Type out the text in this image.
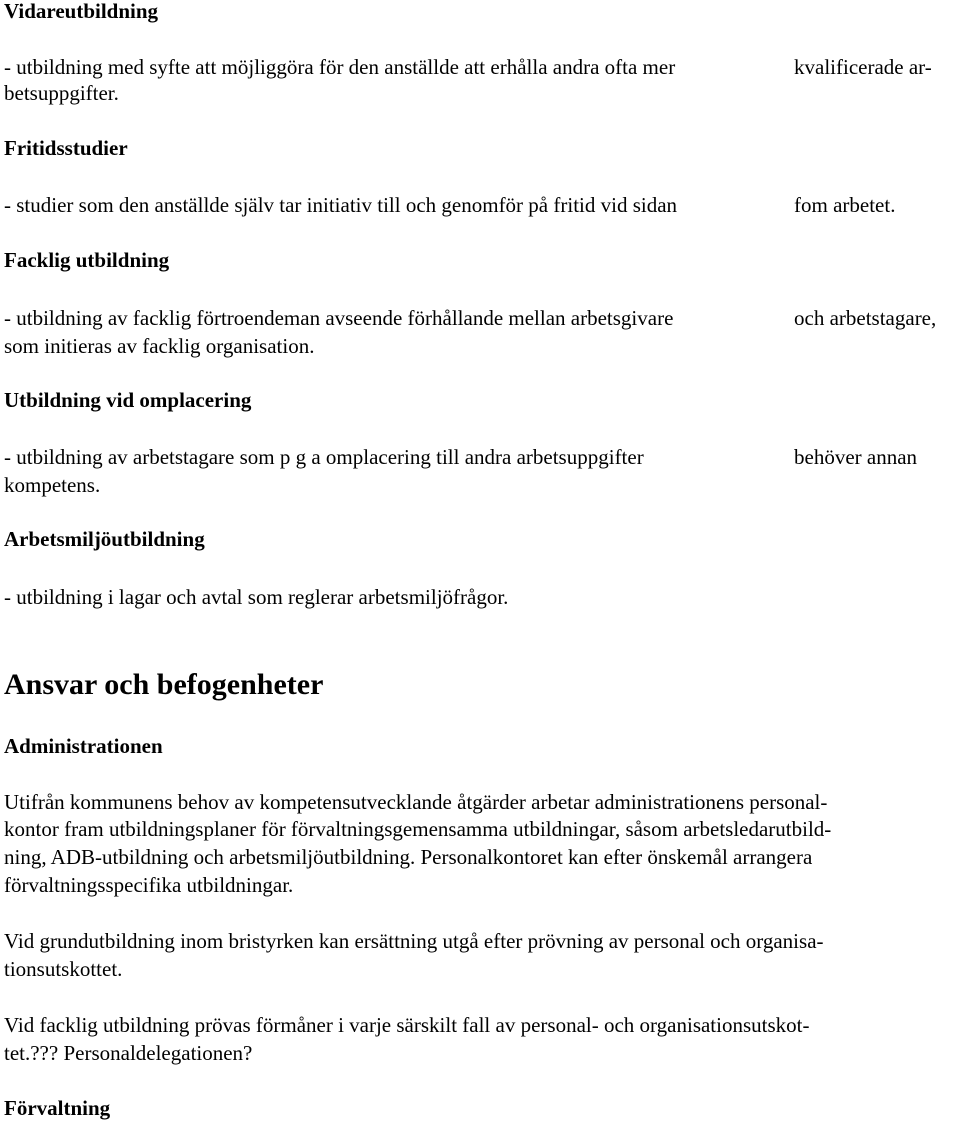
Vidareutbildning
- utbildning med syfte att möjliggöra för den anställde att erhålla andra ofta mer	kvalificerade ar-
betsuppgifter.
Fritidsstudier
- studier som den anställde själv tar initiativ till och genomför på fritid vid sidan	fom arbetet.
Facklig utbildning
- utbildning av facklig förtroendeman avseende förhållande mellan arbetsgivare	och arbetstagare,
som initieras av facklig organisation.
Utbildning vid omplacering
- utbildning av arbetstagare som p g a omplacering till andra arbetsuppgifter	behöver annan
kompetens.
Arbetsmiljöutbildning
- utbildning i lagar och avtal som reglerar arbetsmiljöfrågor.
Ansvar och befogenheter
Administrationen
Utifrån kommunens behov av kompetensutvecklande åtgärder arbetar administrationens personal-
kontor fram utbildningsplaner för förvaltningsgemensamma utbildningar, såsom arbetsledarutbild-
ning, ADB-utbildning och arbetsmiljöutbildning. Personalkontoret kan efter önskemål arrangera
förvaltningsspecifika utbildningar.
Vid grundutbildning inom bristyrken kan ersättning utgå efter prövning av personal och organisa-
tionsutskottet.
Vid facklig utbildning prövas förmåner i varje särskilt fall av personal- och organisationsutskot-
tet.??? Personaldelegationen?
Förvaltning
